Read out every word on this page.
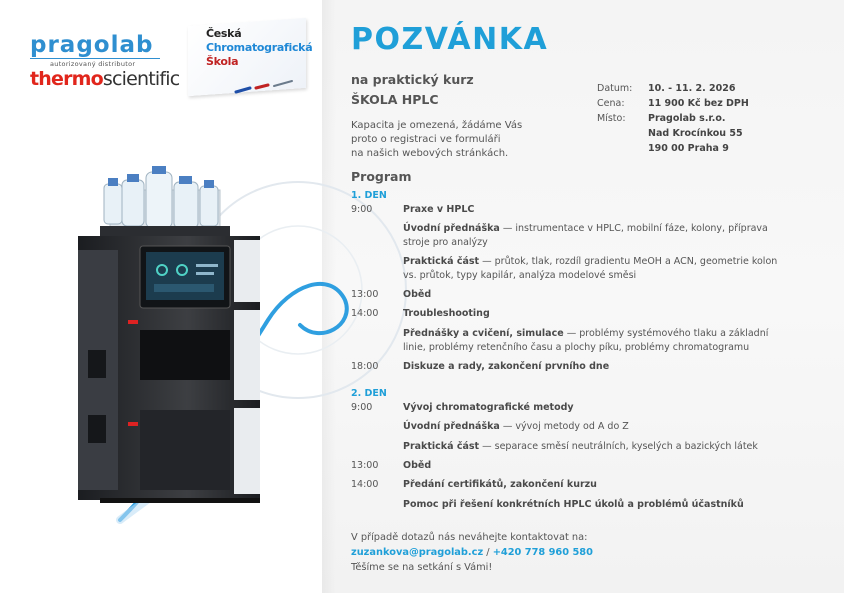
pragolab
autorizovaný distributor
thermoscientific
Česká
Chromatografická
Škola
POZVÁNKA
na praktický kurz
ŠKOLA HPLC
Kapacita je omezená, žádáme Vás
proto o registraci ve formuláři
na našich webových stránkách.
Datum:	10. - 11. 2. 2026
Cena:	11 900 Kč bez DPH
Místo:	Pragolab s.r.o.
Nad Krocínkou 55
190 00 Praha 9
Program
1. DEN
9:00	Praxe v HPLC
Úvodní přednáška — instrumentace v HPLC, mobilní fáze, kolony, příprava stroje pro analýzy
Praktická část — průtok, tlak, rozdíl gradientu MeOH a ACN, geometrie kolon vs. průtok, typy kapilár, analýza modelové směsi
13:00	Oběd
14:00	Troubleshooting
Přednášky a cvičení, simulace — problémy systémového tlaku a základní linie, problémy retenčního času a plochy píku, problémy chromatogramu
18:00	Diskuze a rady, zakončení prvního dne
2. DEN
9:00	Vývoj chromatografické metody
Úvodní přednáška — vývoj metody od A do Z
Praktická část — separace směsí neutrálních, kyselých a bazických látek
13:00	Oběd
14:00	Předání certifikátů, zakončení kurzu
Pomoc při řešení konkrétních HPLC úkolů a problémů účastníků
V případě dotazů nás neváhejte kontaktovat na:
zuzankova@pragolab.cz / +420 778 960 580
Těšíme se na setkání s Vámi!
